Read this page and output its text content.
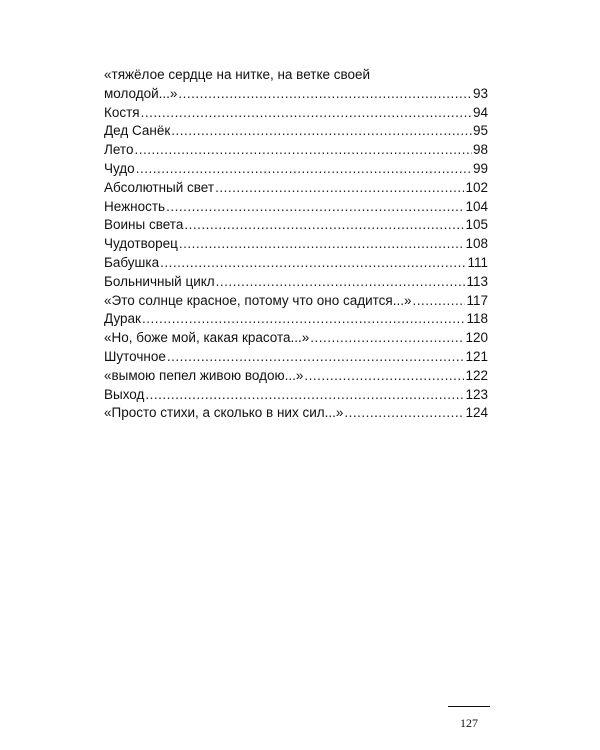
«тяжёлое сердце на нитке, на ветке своей
молодой...» .....	93
Костя .....	94
Дед Санёк .....	95
Лето .....	98
Чудо .....	99
Абсолютный свет .....	102
Нежность .....	104
Воины света .....	105
Чудотворец .....	108
Бабушка .....	111
Больничный цикл .....	113
«Это солнце красное, потому что оно садится...» .....	117
Дурак .....	118
«Но, боже мой, какая красота...» .....	120
Шуточное .....	121
«вымою пепел живою водою...» .....	122
Выход .....	123
«Просто стихи, а сколько в них сил...» .....	124
127
